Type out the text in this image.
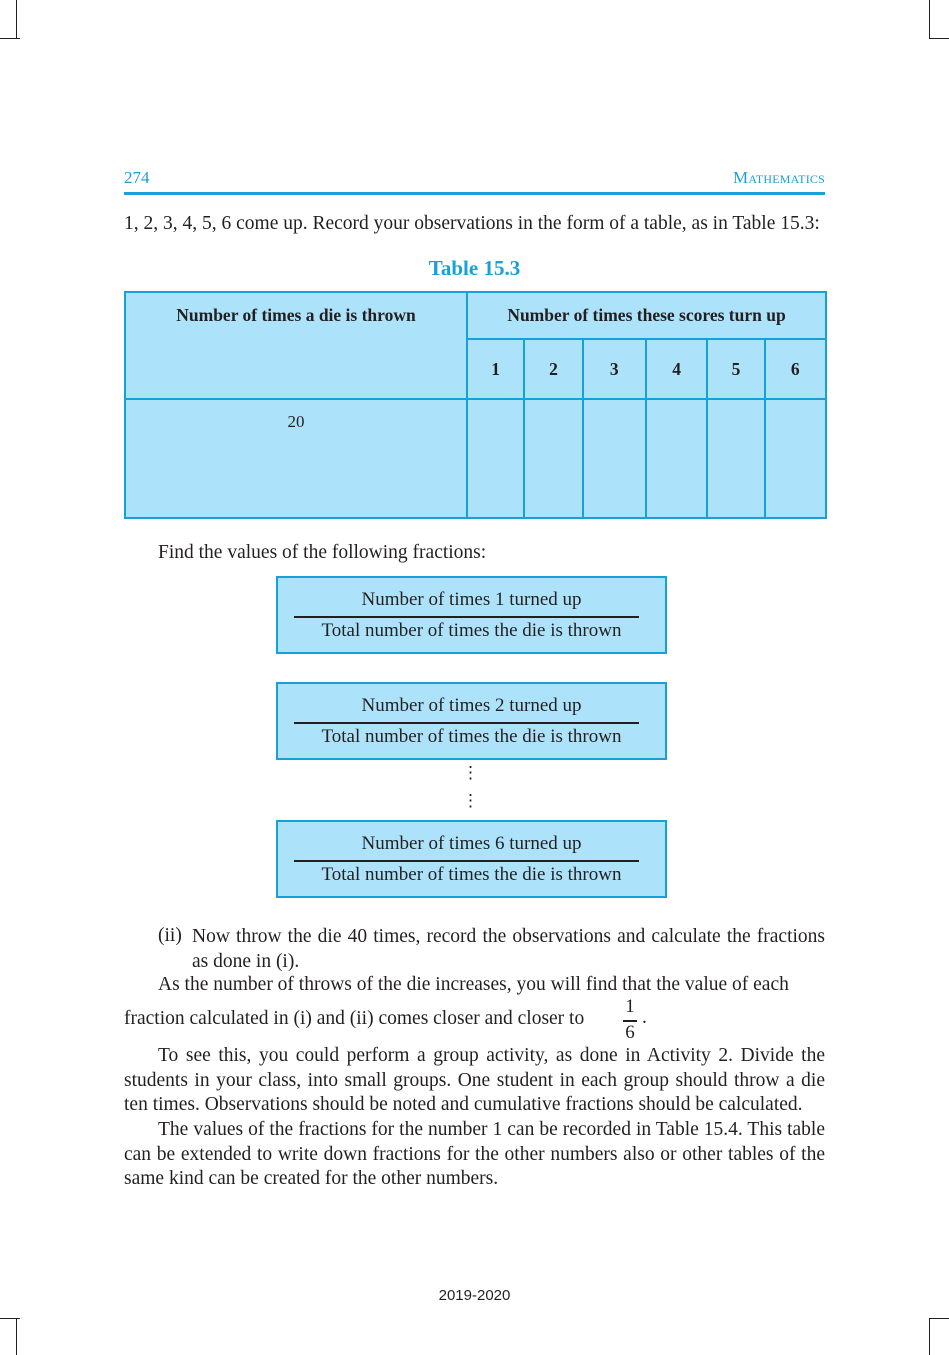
274	Mathematics
1, 2, 3, 4, 5, 6 come up. Record your observations in the form of a table, as in Table 15.3:
Table 15.3
Number of times a die is thrown	Number of times these scores turn up					
	1	2	3	4	5	6
20						
Find the values of the following fractions:
Number of times 1 turned up
Total number of times the die is thrown
Number of times 2 turned up
Total number of times the die is thrown
⋮
⋮
Number of times 6 turned up
Total number of times the die is thrown
(ii) Now throw the die 40 times, record the observations and calculate the fractions as done in (i).
As the number of throws of the die increases, you will find that the value of each
fraction calculated in (i) and (ii) comes closer and closer to
1
6
.
To see this, you could perform a group activity, as done in Activity 2. Divide the students in your class, into small groups. One student in each group should throw a die ten times. Observations should be noted and cumulative fractions should be calculated.
The values of the fractions for the number 1 can be recorded in Table 15.4. This table can be extended to write down fractions for the other numbers also or other tables of the same kind can be created for the other numbers.
2019-2020
